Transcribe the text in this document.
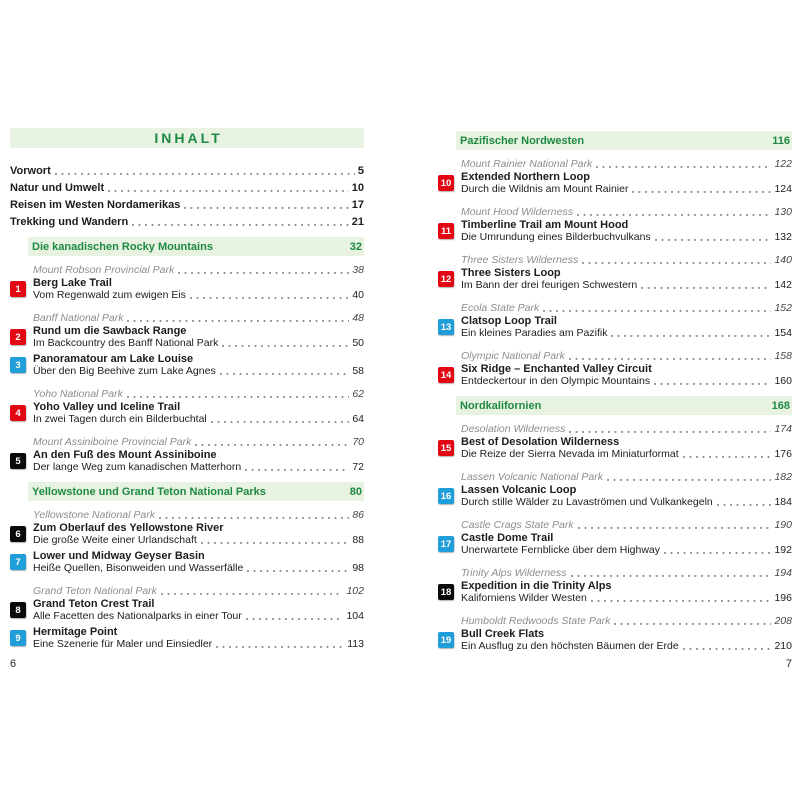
INHALT
Vorwort	5
Natur und Umwelt	10
Reisen im Westen Nordamerikas	17
Trekking und Wandern	21
Die kanadischen Rocky Mountains	32
Mount Robson Provincial Park	38
1 Berg Lake Trail
Vom Regenwald zum ewigen Eis	40
Banff National Park	48
2 Rund um die Sawback Range
Im Backcountry des Banff National Park	50
3 Panoramatour am Lake Louise
Über den Big Beehive zum Lake Agnes	58
Yoho National Park	62
4 Yoho Valley und Iceline Trail
In zwei Tagen durch ein Bilderbuchtal	64
Mount Assiniboine Provincial Park	70
5 An den Fuß des Mount Assiniboine
Der lange Weg zum kanadischen Matterhorn	72
Yellowstone und Grand Teton National Parks	80
Yellowstone National Park	86
6 Zum Oberlauf des Yellowstone River
Die große Weite einer Urlandschaft	88
7 Lower und Midway Geyser Basin
Heiße Quellen, Bisonweiden und Wasserfälle	98
Grand Teton National Park	102
8 Grand Teton Crest Trail
Alle Facetten des Nationalparks in einer Tour	104
9 Hermitage Point
Eine Szenerie für Maler und Einsiedler	113
Pazifischer Nordwesten	116
Mount Rainier National Park	122
10 Extended Northern Loop
Durch die Wildnis am Mount Rainier	124
Mount Hood Wilderness	130
11 Timberline Trail am Mount Hood
Die Umrundung eines Bilderbuchvulkans	132
Three Sisters Wilderness	140
12 Three Sisters Loop
Im Bann der drei feurigen Schwestern	142
Ecola State Park	152
13 Clatsop Loop Trail
Ein kleines Paradies am Pazifik	154
Olympic National Park	158
14 Six Ridge – Enchanted Valley Circuit
Entdeckertour in den Olympic Mountains	160
Nordkalifornien	168
Desolation Wilderness	174
15 Best of Desolation Wilderness
Die Reize der Sierra Nevada im Miniaturformat	176
Lassen Volcanic National Park	182
16 Lassen Volcanic Loop
Durch stille Wälder zu Lavaströmen und Vulkankegeln	184
Castle Crags State Park	190
17 Castle Dome Trail
Unerwartete Fernblicke über dem Highway	192
Trinity Alps Wilderness	194
18 Expedition in die Trinity Alps
Kaliforniens Wilder Westen	196
Humboldt Redwoods State Park	208
19 Bull Creek Flats
Ein Ausflug zu den höchsten Bäumen der Erde	210
6	7
